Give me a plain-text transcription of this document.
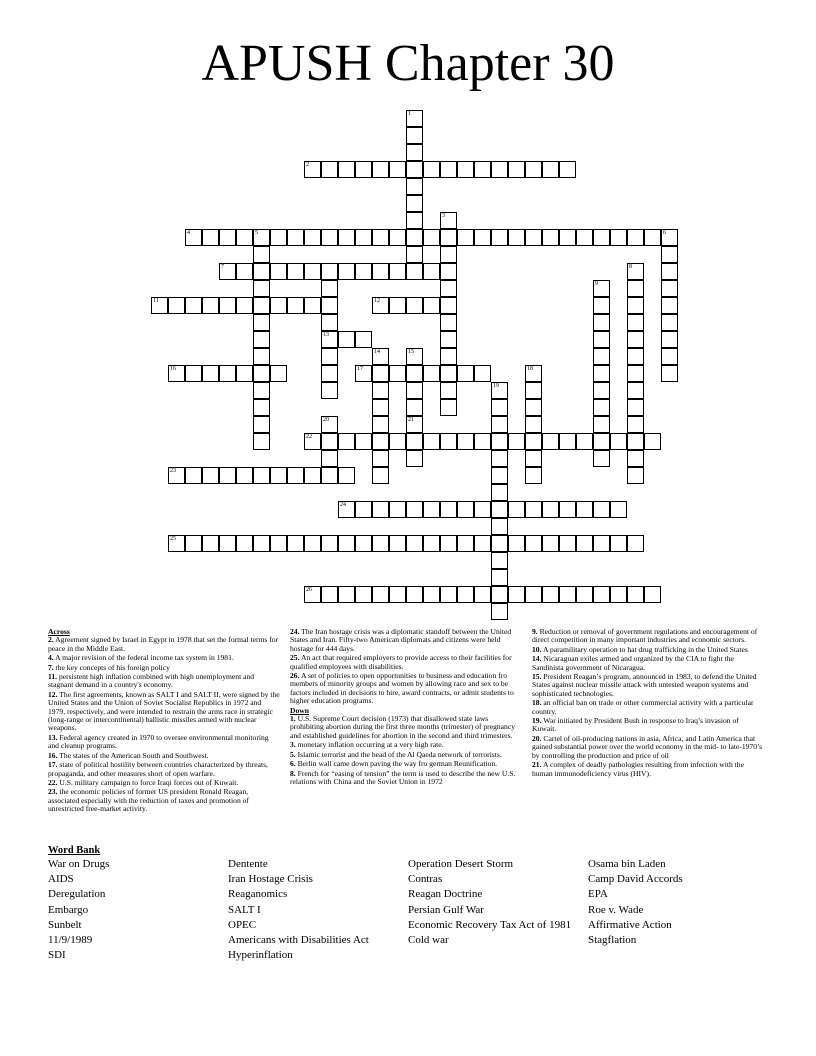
APUSH Chapter 30
1
2
3
4	5	6
7	8
9
11	12
13
14	15
16	17	18
19
20	21
22
23
24
25
26
Across
2. Agreement signed by Israel in Egypt in 1978 that set the formal terms for peace in the Middle East.
4. A major revision of the federal income tax system in 1981.
7. the key concepts of his foreign policy
11. persistent high inflation combined with high unemployment and stagnant demand in a country's economy.
12. The first agreements, known as SALT I and SALT II, were signed by the United States and the Union of Soviet Socialist Republics in 1972 and 1979, respectively, and were intended to restrain the arms race in strategic (long-range or intercontinental) ballistic missiles armed with nuclear weapons.
13. Federal agency created in 1970 to oversee environmental monitoring and cleanup programs.
16. The states of the American South and Southwest.
17. state of political hostility between countries characterized by threats, propaganda, and other measures short of open warfare.
22. U.S. military campaign to force Iraqi forces out of Kuwait.
23. the economic policies of former US president Ronald Reagan, associated especially with the reduction of taxes and promotion of unrestricted free-market activity.
24. The Iran hostage crisis was a diplomatic standoff between the United States and Iran. Fifty-two American diplomats and citizens were held hostage for 444 days.
25. An act that required employers to provide access to their facilities for qualified employees with disabilities.
26. A set of policies to open opportunities to business and education fro members of minority groups and women by allowing race and sex to be factors included in decisions to hire, award contracts, or admit students to higher education programs.
Down
1. U.S. Supreme Court decision (1973) that disallowed state laws prohibiting abortion during the first three months (trimester) of pregnancy and established guidelines for abortion in the second and third trimesters.
3. monetary inflation occurring at a very high rate.
5. Islamic terrorist and the head of the Al Qaeda network of terrorists.
6. Berlin wall came down paving the way fro german Reunification.
8. French for “easing of tension” the term is used to describe the new U.S. relations with China and the Soviet Union in 1972
9. Reduction or removal of government regulations and encouragement of direct competition in many important industries and economic sectors.
10. A paramilitary operation to hat drug trafficking in the United States
14. Nicaraguan exiles armed and organized by the CIA to fight the Sandinista government of Nicaragua.
15. President Reagan’s program, announced in 1983, to defend the United States against nuclear missile attack with untested weapon systems and sophisticated technologies.
18. an official ban on trade or other commercial activity with a particular country.
19. War initiated by President Bush in response to Iraq’s invasion of Kuwait.
20. Cartel of oil-producing nations in asia, Africa, and Latin America that gained substantial power over the world economy in the mid- to late-1970’s by controlling the production and price of oil
21. A complex of deadly pathologies resulting from infection with the human immunodeficiency virus (HIV).
Word Bank
War on Drugs
AIDS
Deregulation
Embargo
Sunbelt
11/9/1989
SDI
Dentente
Iran Hostage Crisis
Reaganomics
SALT I
OPEC
Americans with Disabilities Act
Hyperinflation
Operation Desert Storm
Contras
Reagan Doctrine
Persian Gulf War
Economic Recovery Tax Act of 1981
Cold war
Osama bin Laden
Camp David Accords
EPA
Roe v. Wade
Affirmative Action
Stagflation
